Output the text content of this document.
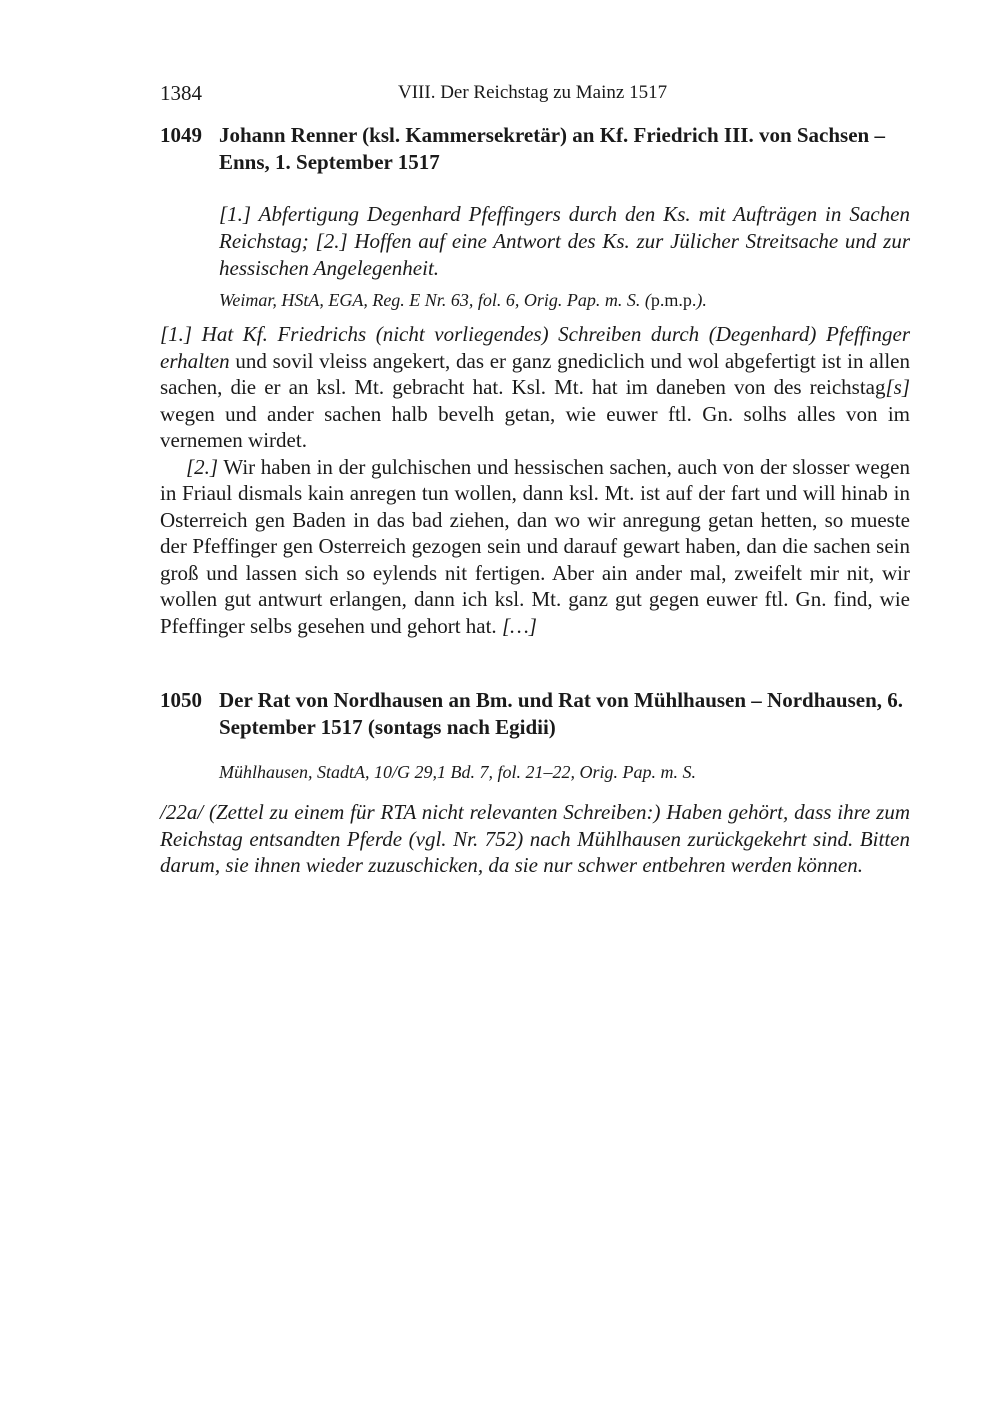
1384	VIII. Der Reichstag zu Mainz 1517
1049 Johann Renner (ksl. Kammersekretär) an Kf. Friedrich III. von Sachsen – Enns, 1. September 1517
[1.] Abfertigung Degenhard Pfeffingers durch den Ks. mit Aufträgen in Sachen Reichstag; [2.] Hoffen auf eine Antwort des Ks. zur Jülicher Streitsache und zur hessischen Angelegenheit.
Weimar, HStA, EGA, Reg. E Nr. 63, fol. 6, Orig. Pap. m. S. (p.m.p.).

[1.] Hat Kf. Friedrichs (nicht vorliegendes) Schreiben durch (Degenhard) Pfeffinger erhalten und sovil vleiss angekert, das er ganz gnediclich und wol abgefertigt ist in allen sachen, die er an ksl. Mt. gebracht hat. Ksl. Mt. hat im daneben von des reichstag[s] wegen und ander sachen halb bevelh getan, wie euwer ftl. Gn. solhs alles von im vernemen wirdet.

[2.] Wir haben in der gulchischen und hessischen sachen, auch von der slosser wegen in Friaul dismals kain anregen tun wollen, dann ksl. Mt. ist auf der fart und will hinab in Osterreich gen Baden in das bad ziehen, dan wo wir anregung getan hetten, so mueste der Pfeffinger gen Osterreich gezogen sein und darauf gewart haben, dan die sachen sein groß und lassen sich so eylends nit fertigen. Aber ain ander mal, zweifelt mir nit, wir wollen gut antwurt erlangen, dann ich ksl. Mt. ganz gut gegen euwer ftl. Gn. find, wie Pfeffinger selbs gesehen und gehort hat. […]

1050 Der Rat von Nordhausen an Bm. und Rat von Mühlhausen – Nordhausen, 6. September 1517 (sontags nach Egidii)
Mühlhausen, StadtA, 10/G 29,1 Bd. 7, fol. 21–22, Orig. Pap. m. S.

/22a/ (Zettel zu einem für RTA nicht relevanten Schreiben:) Haben gehört, dass ihre zum Reichstag entsandten Pferde (vgl. Nr. 752) nach Mühlhausen zurückgekehrt sind. Bitten darum, sie ihnen wieder zuzuschicken, da sie nur schwer entbehren werden können.
